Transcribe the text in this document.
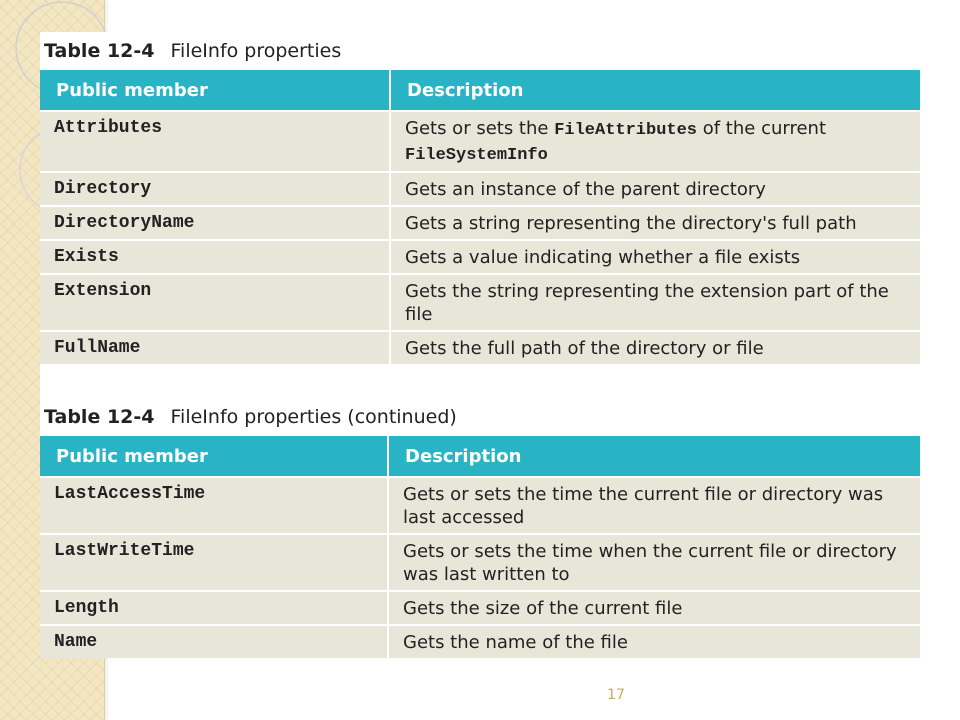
Table 12-4 FileInfo properties
Public member	Description
Attributes	Gets or sets the FileAttributes of the current
FileSystemInfo
Directory	Gets an instance of the parent directory
DirectoryName	Gets a string representing the directory's full path
Exists	Gets a value indicating whether a file exists
Extension	Gets the string representing the extension part of the file
FullName	Gets the full path of the directory or file
Table 12-4 FileInfo properties (continued)
Public member	Description
LastAccessTime	Gets or sets the time the current file or directory was last accessed
LastWriteTime	Gets or sets the time when the current file or directory was last written to
Length	Gets the size of the current file
Name	Gets the name of the file
17
